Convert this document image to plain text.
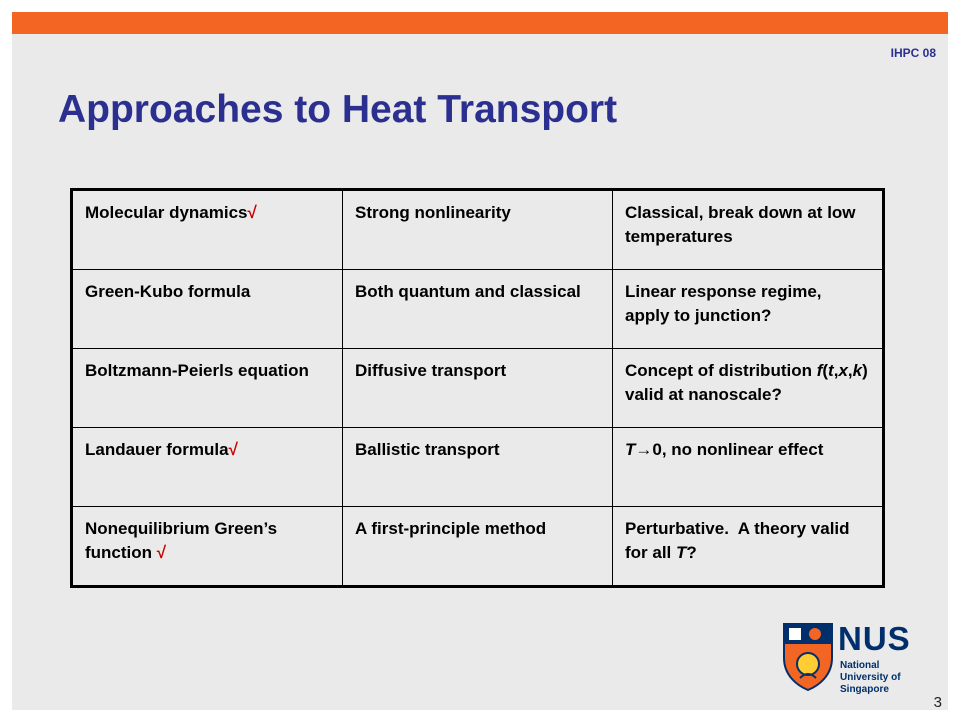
IHPC 08
Approaches to Heat Transport
Molecular dynamics√	Strong nonlinearity	Classical, break down at low temperatures
Green-Kubo formula	Both quantum and classical	Linear response regime, apply to junction?
Boltzmann-Peierls equation	Diffusive transport	Concept of distribution f(t,x,k) valid at nanoscale?
Landauer formula√	Ballistic transport	T→0, no nonlinear effect
Nonequilibrium Green’s function √	A first-principle method	Perturbative.  A theory valid for all T?
NUS
National University of Singapore
3
